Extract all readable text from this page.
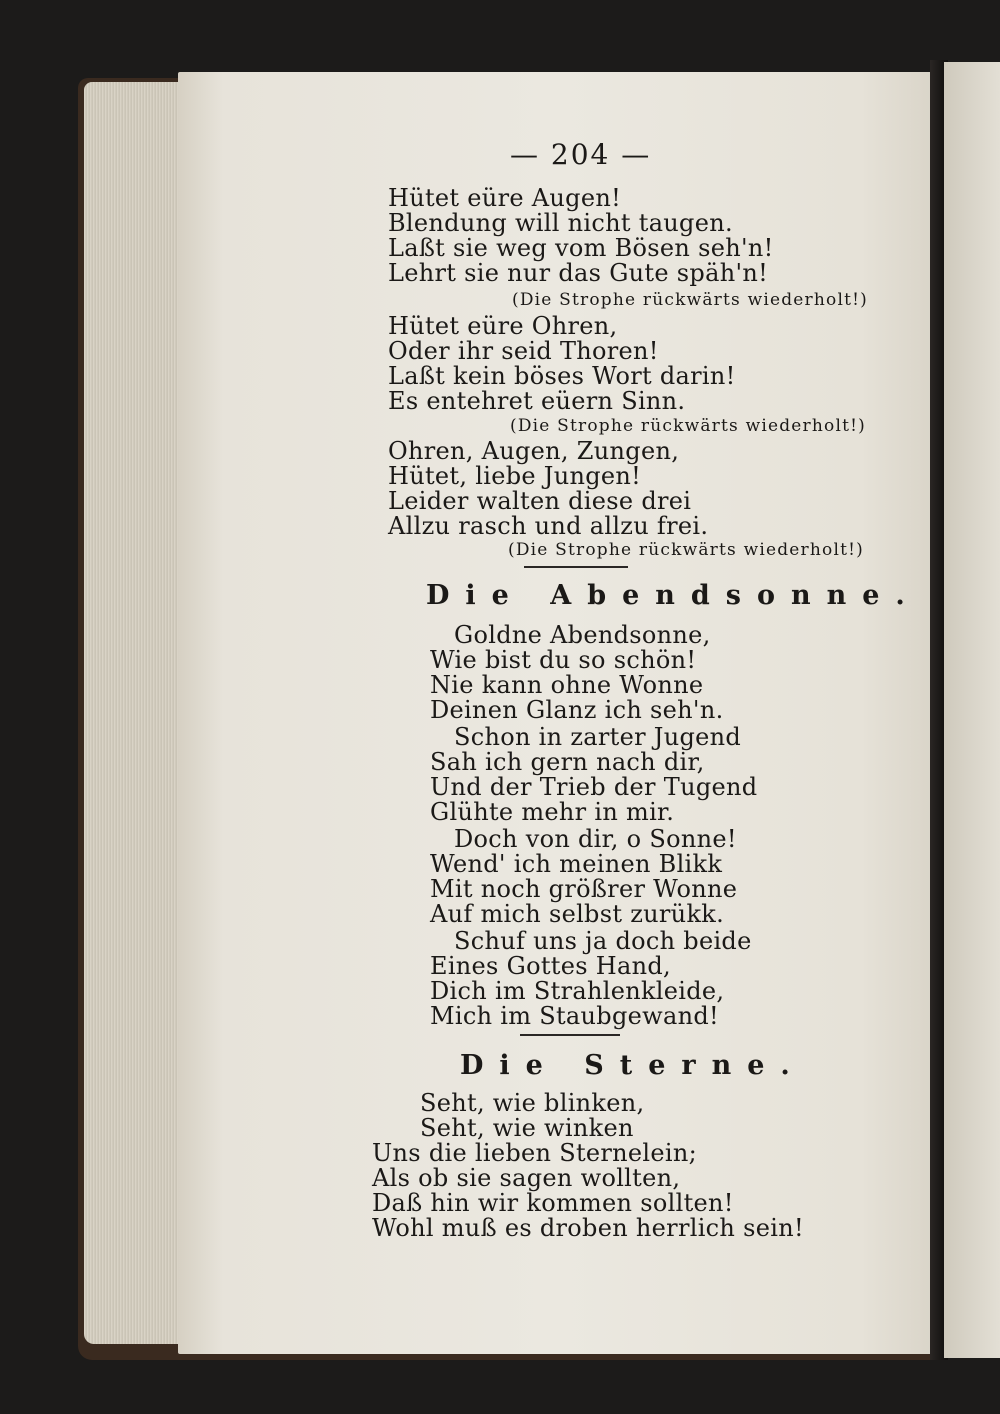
— 204 —
Hütet eüre Augen!
Blendung will nicht taugen.
Laßt sie weg vom Bösen seh'n!
Lehrt sie nur das Gute späh'n!
(Die Strophe rückwärts wiederholt!)
Hütet eüre Ohren,
Oder ihr seid Thoren!
Laßt kein böses Wort darin!
Es entehret eüern Sinn.
(Die Strophe rückwärts wiederholt!)
Ohren, Augen, Zungen,
Hütet, liebe Jungen!
Leider walten diese drei
Allzu rasch und allzu frei.
(Die Strophe rückwärts wiederholt!)
Die Abendsonne.
Goldne Abendsonne,
Wie bist du so schön!
Nie kann ohne Wonne
Deinen Glanz ich seh'n.
Schon in zarter Jugend
Sah ich gern nach dir,
Und der Trieb der Tugend
Glühte mehr in mir.
Doch von dir, o Sonne!
Wend' ich meinen Blikk
Mit noch größrer Wonne
Auf mich selbst zurükk.
Schuf uns ja doch beide
Eines Gottes Hand,
Dich im Strahlenkleide,
Mich im Staubgewand!
Die Sterne.
Seht, wie blinken,
Seht, wie winken
Uns die lieben Sternelein;
Als ob sie sagen wollten,
Daß hin wir kommen sollten!
Wohl muß es droben herrlich sein!
